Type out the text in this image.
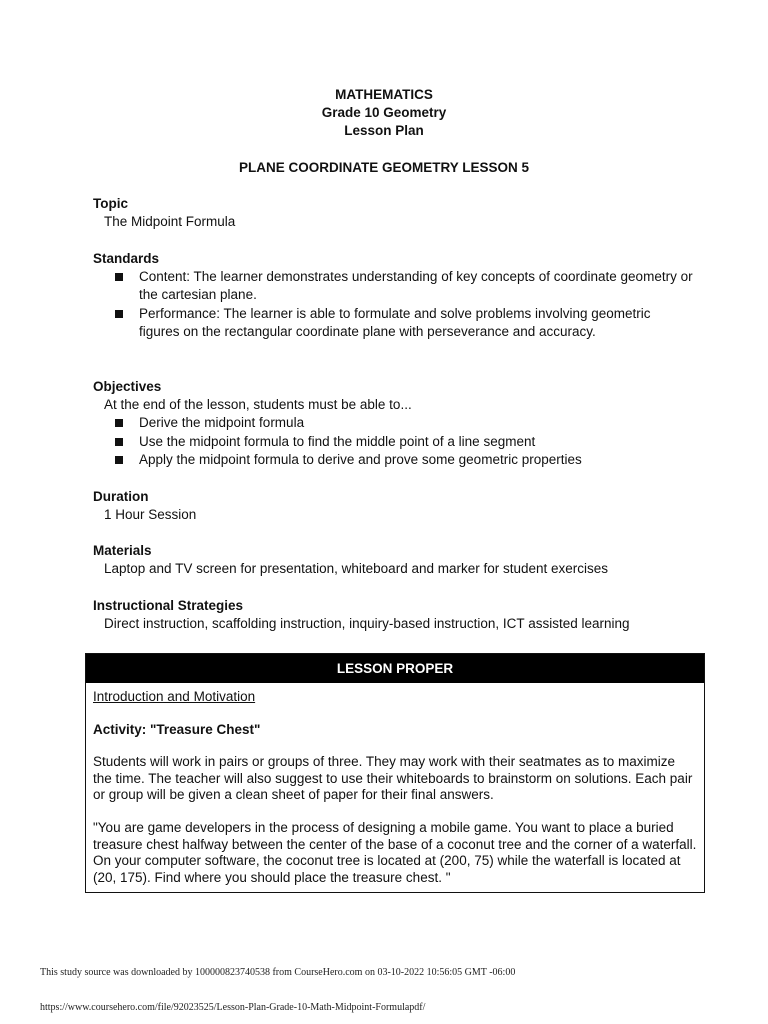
MATHEMATICS
Grade 10 Geometry
Lesson Plan
PLANE COORDINATE GEOMETRY LESSON 5
Topic
The Midpoint Formula
Standards
Content: The learner demonstrates understanding of key concepts of coordinate geometry or the cartesian plane.
Performance: The learner is able to formulate and solve problems involving geometric figures on the rectangular coordinate plane with perseverance and accuracy.
Objectives
At the end of the lesson, students must be able to...
Derive the midpoint formula
Use the midpoint formula to find the middle point of a line segment
Apply the midpoint formula to derive and prove some geometric properties
Duration
1 Hour Session
Materials
Laptop and TV screen for presentation, whiteboard and marker for student exercises
Instructional Strategies
Direct instruction, scaffolding instruction, inquiry-based instruction, ICT assisted learning
LESSON PROPER

Introduction and Motivation

Activity: "Treasure Chest"

Students will work in pairs or groups of three. They may work with their seatmates as to maximize the time. The teacher will also suggest to use their whiteboards to brainstorm on solutions. Each pair or group will be given a clean sheet of paper for their final answers.

"You are game developers in the process of designing a mobile game. You want to place a buried treasure chest halfway between the center of the base of a coconut tree and the corner of a waterfall. On your computer software, the coconut tree is located at (200, 75) while the waterfall is located at (20, 175). Find where you should place the treasure chest. "

This study source was downloaded by 100000823740538 from CourseHero.com on 03-10-2022 10:56:05 GMT -06:00
https://www.coursehero.com/file/92023525/Lesson-Plan-Grade-10-Math-Midpoint-Formulapdf/
